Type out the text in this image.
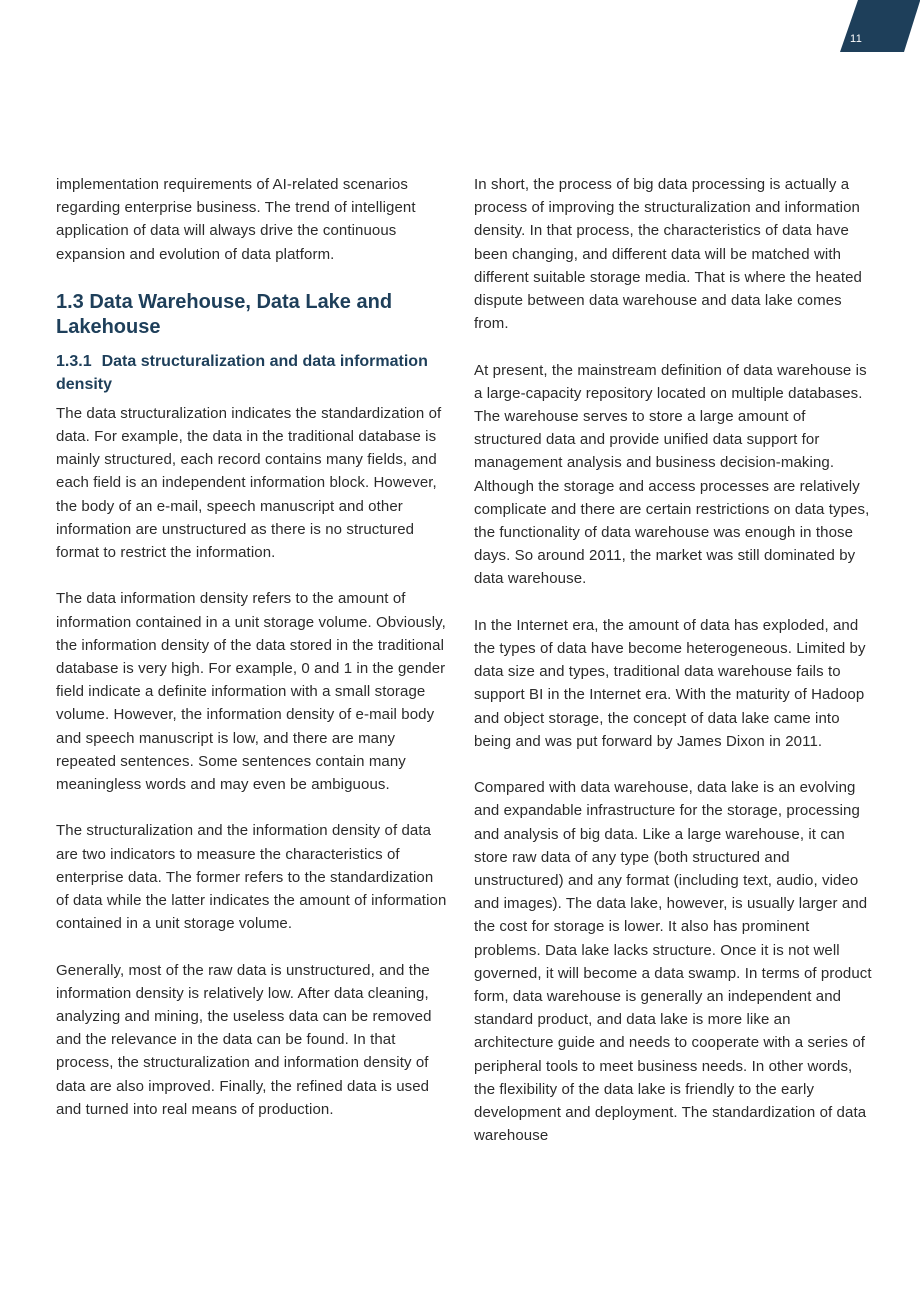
11

implementation requirements of AI-related scenarios regarding enterprise business. The trend of intelligent application of data will always drive the continuous expansion and evolution of data platform.

1.3 Data Warehouse, Data Lake and Lakehouse
1.3.1 Data structuralization and data information density

The data structuralization indicates the standardization of data. For example, the data in the traditional database is mainly structured, each record contains many fields, and each field is an independent information block. However, the body of an e-mail, speech manuscript and other information are unstructured as there is no structured format to restrict the information.

The data information density refers to the amount of information contained in a unit storage volume. Obviously, the information density of the data stored in the traditional database is very high. For example, 0 and 1 in the gender field indicate a definite information with a small storage volume. However, the information density of e-mail body and speech manuscript is low, and there are many repeated sentences. Some sentences contain many meaningless words and may even be ambiguous.

The structuralization and the information density of data are two indicators to measure the characteristics of enterprise data. The former refers to the standardization of data while the latter indicates the amount of information contained in a unit storage volume.

Generally, most of the raw data is unstructured, and the information density is relatively low. After data cleaning, analyzing and mining, the useless data can be removed and the relevance in the data can be found. In that process, the structuralization and information density of data are also improved. Finally, the refined data is used and turned into real means of production.

In short, the process of big data processing is actually a process of improving the structuralization and information density. In that process, the characteristics of data have been changing, and different data will be matched with different suitable storage media. That is where the heated dispute between data warehouse and data lake comes from.

At present, the mainstream definition of data warehouse is a large-capacity repository located on multiple databases. The warehouse serves to store a large amount of structured data and provide unified data support for management analysis and business decision-making. Although the storage and access processes are relatively complicate and there are certain restrictions on data types, the functionality of data warehouse was enough in those days. So around 2011, the market was still dominated by data warehouse.

In the Internet era, the amount of data has exploded, and the types of data have become heterogeneous. Limited by data size and types, traditional data warehouse fails to support BI in the Internet era. With the maturity of Hadoop and object storage, the concept of data lake came into being and was put forward by James Dixon in 2011.

Compared with data warehouse, data lake is an evolving and expandable infrastructure for the storage, processing and analysis of big data. Like a large warehouse, it can store raw data of any type (both structured and unstructured) and any format (including text, audio, video and images). The data lake, however, is usually larger and the cost for storage is lower. It also has prominent problems. Data lake lacks structure. Once it is not well governed, it will become a data swamp. In terms of product form, data warehouse is generally an independent and standard product, and data lake is more like an architecture guide and needs to cooperate with a series of peripheral tools to meet business needs. In other words, the flexibility of the data lake is friendly to the early development and deployment. The standardization of data warehouse
